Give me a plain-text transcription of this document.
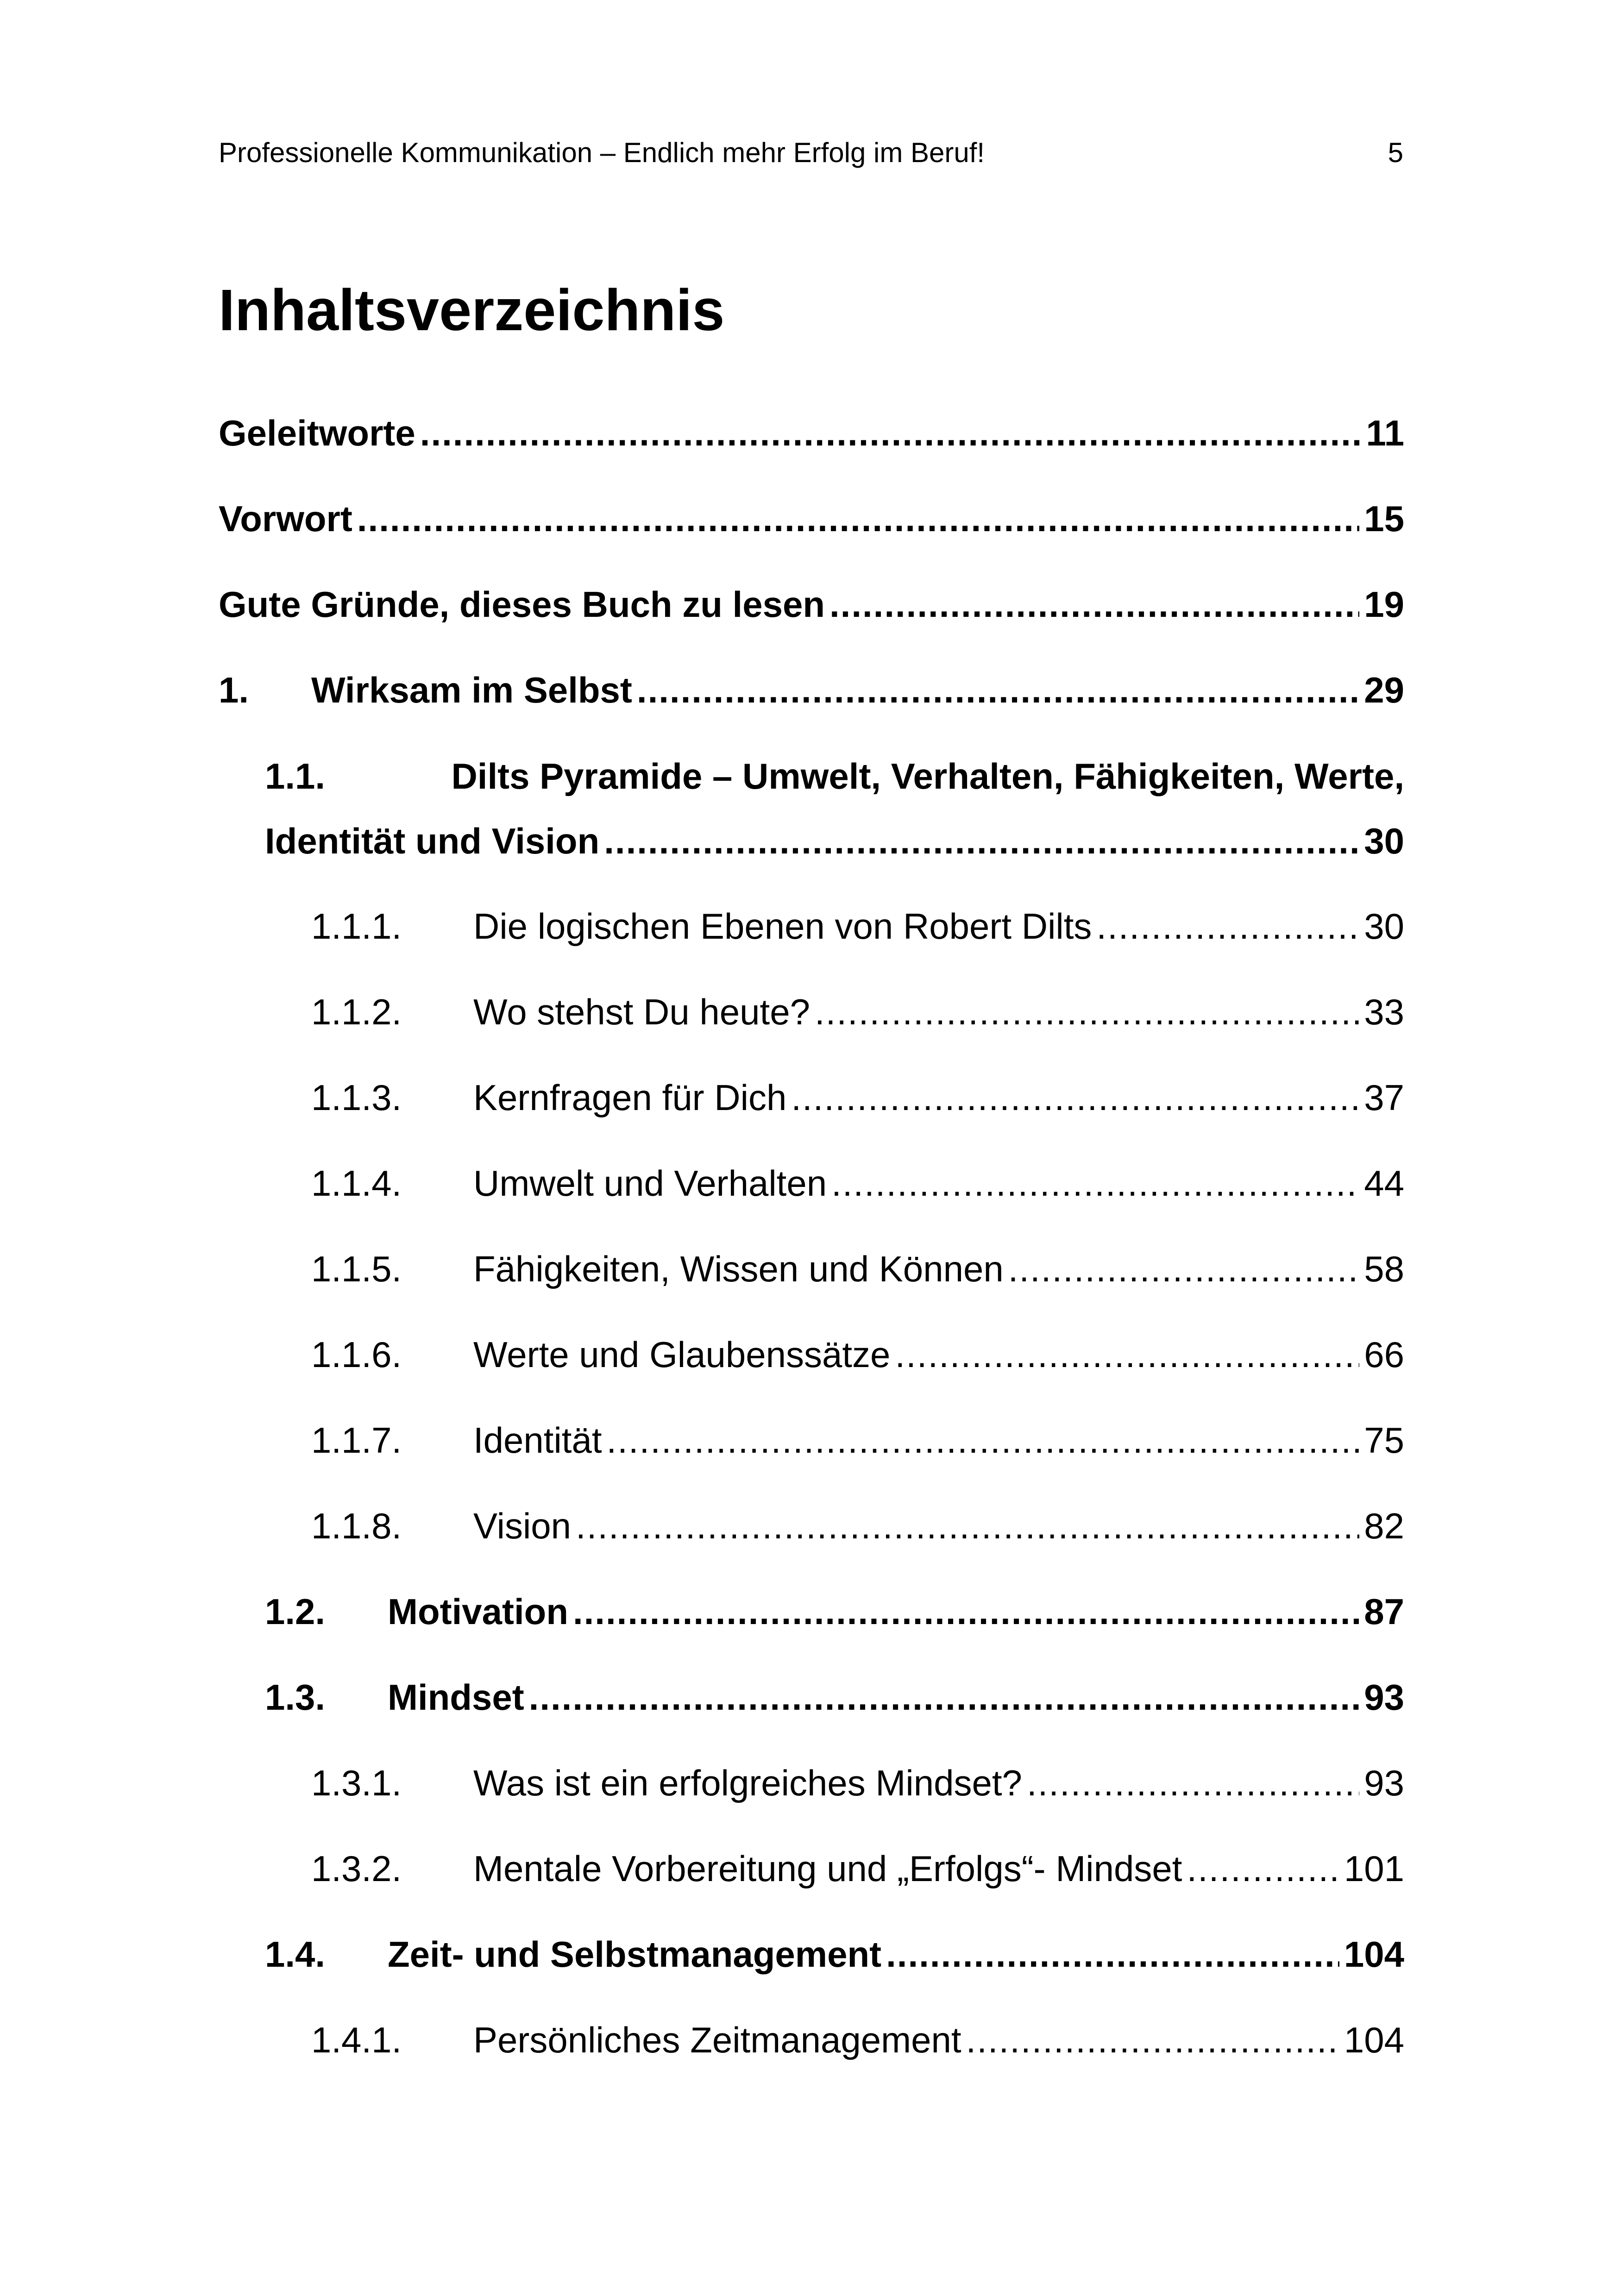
Professionelle Kommunikation – Endlich mehr Erfolg im Beruf!	5
Inhaltsverzeichnis
Geleitworte .....	11
Vorwort .....	15
Gute Gründe, dieses Buch zu lesen .....	19
1.	Wirksam im Selbst .....	29
1.1.	Dilts Pyramide – Umwelt, Verhalten, Fähigkeiten, Werte,
Identität und Vision .....	30
1.1.1.	Die logischen Ebenen von Robert Dilts .....	30
1.1.2.	Wo stehst Du heute? .....	33
1.1.3.	Kernfragen für Dich .....	37
1.1.4.	Umwelt und Verhalten .....	44
1.1.5.	Fähigkeiten, Wissen und Können .....	58
1.1.6.	Werte und Glaubenssätze .....	66
1.1.7.	Identität .....	75
1.1.8.	Vision .....	82
1.2.	Motivation .....	87
1.3.	Mindset .....	93
1.3.1.	Was ist ein erfolgreiches Mindset? .....	93
1.3.2.	Mentale Vorbereitung und „Erfolgs“- Mindset .....	101
1.4.	Zeit- und Selbstmanagement .....	104
1.4.1.	Persönliches Zeitmanagement .....	104
